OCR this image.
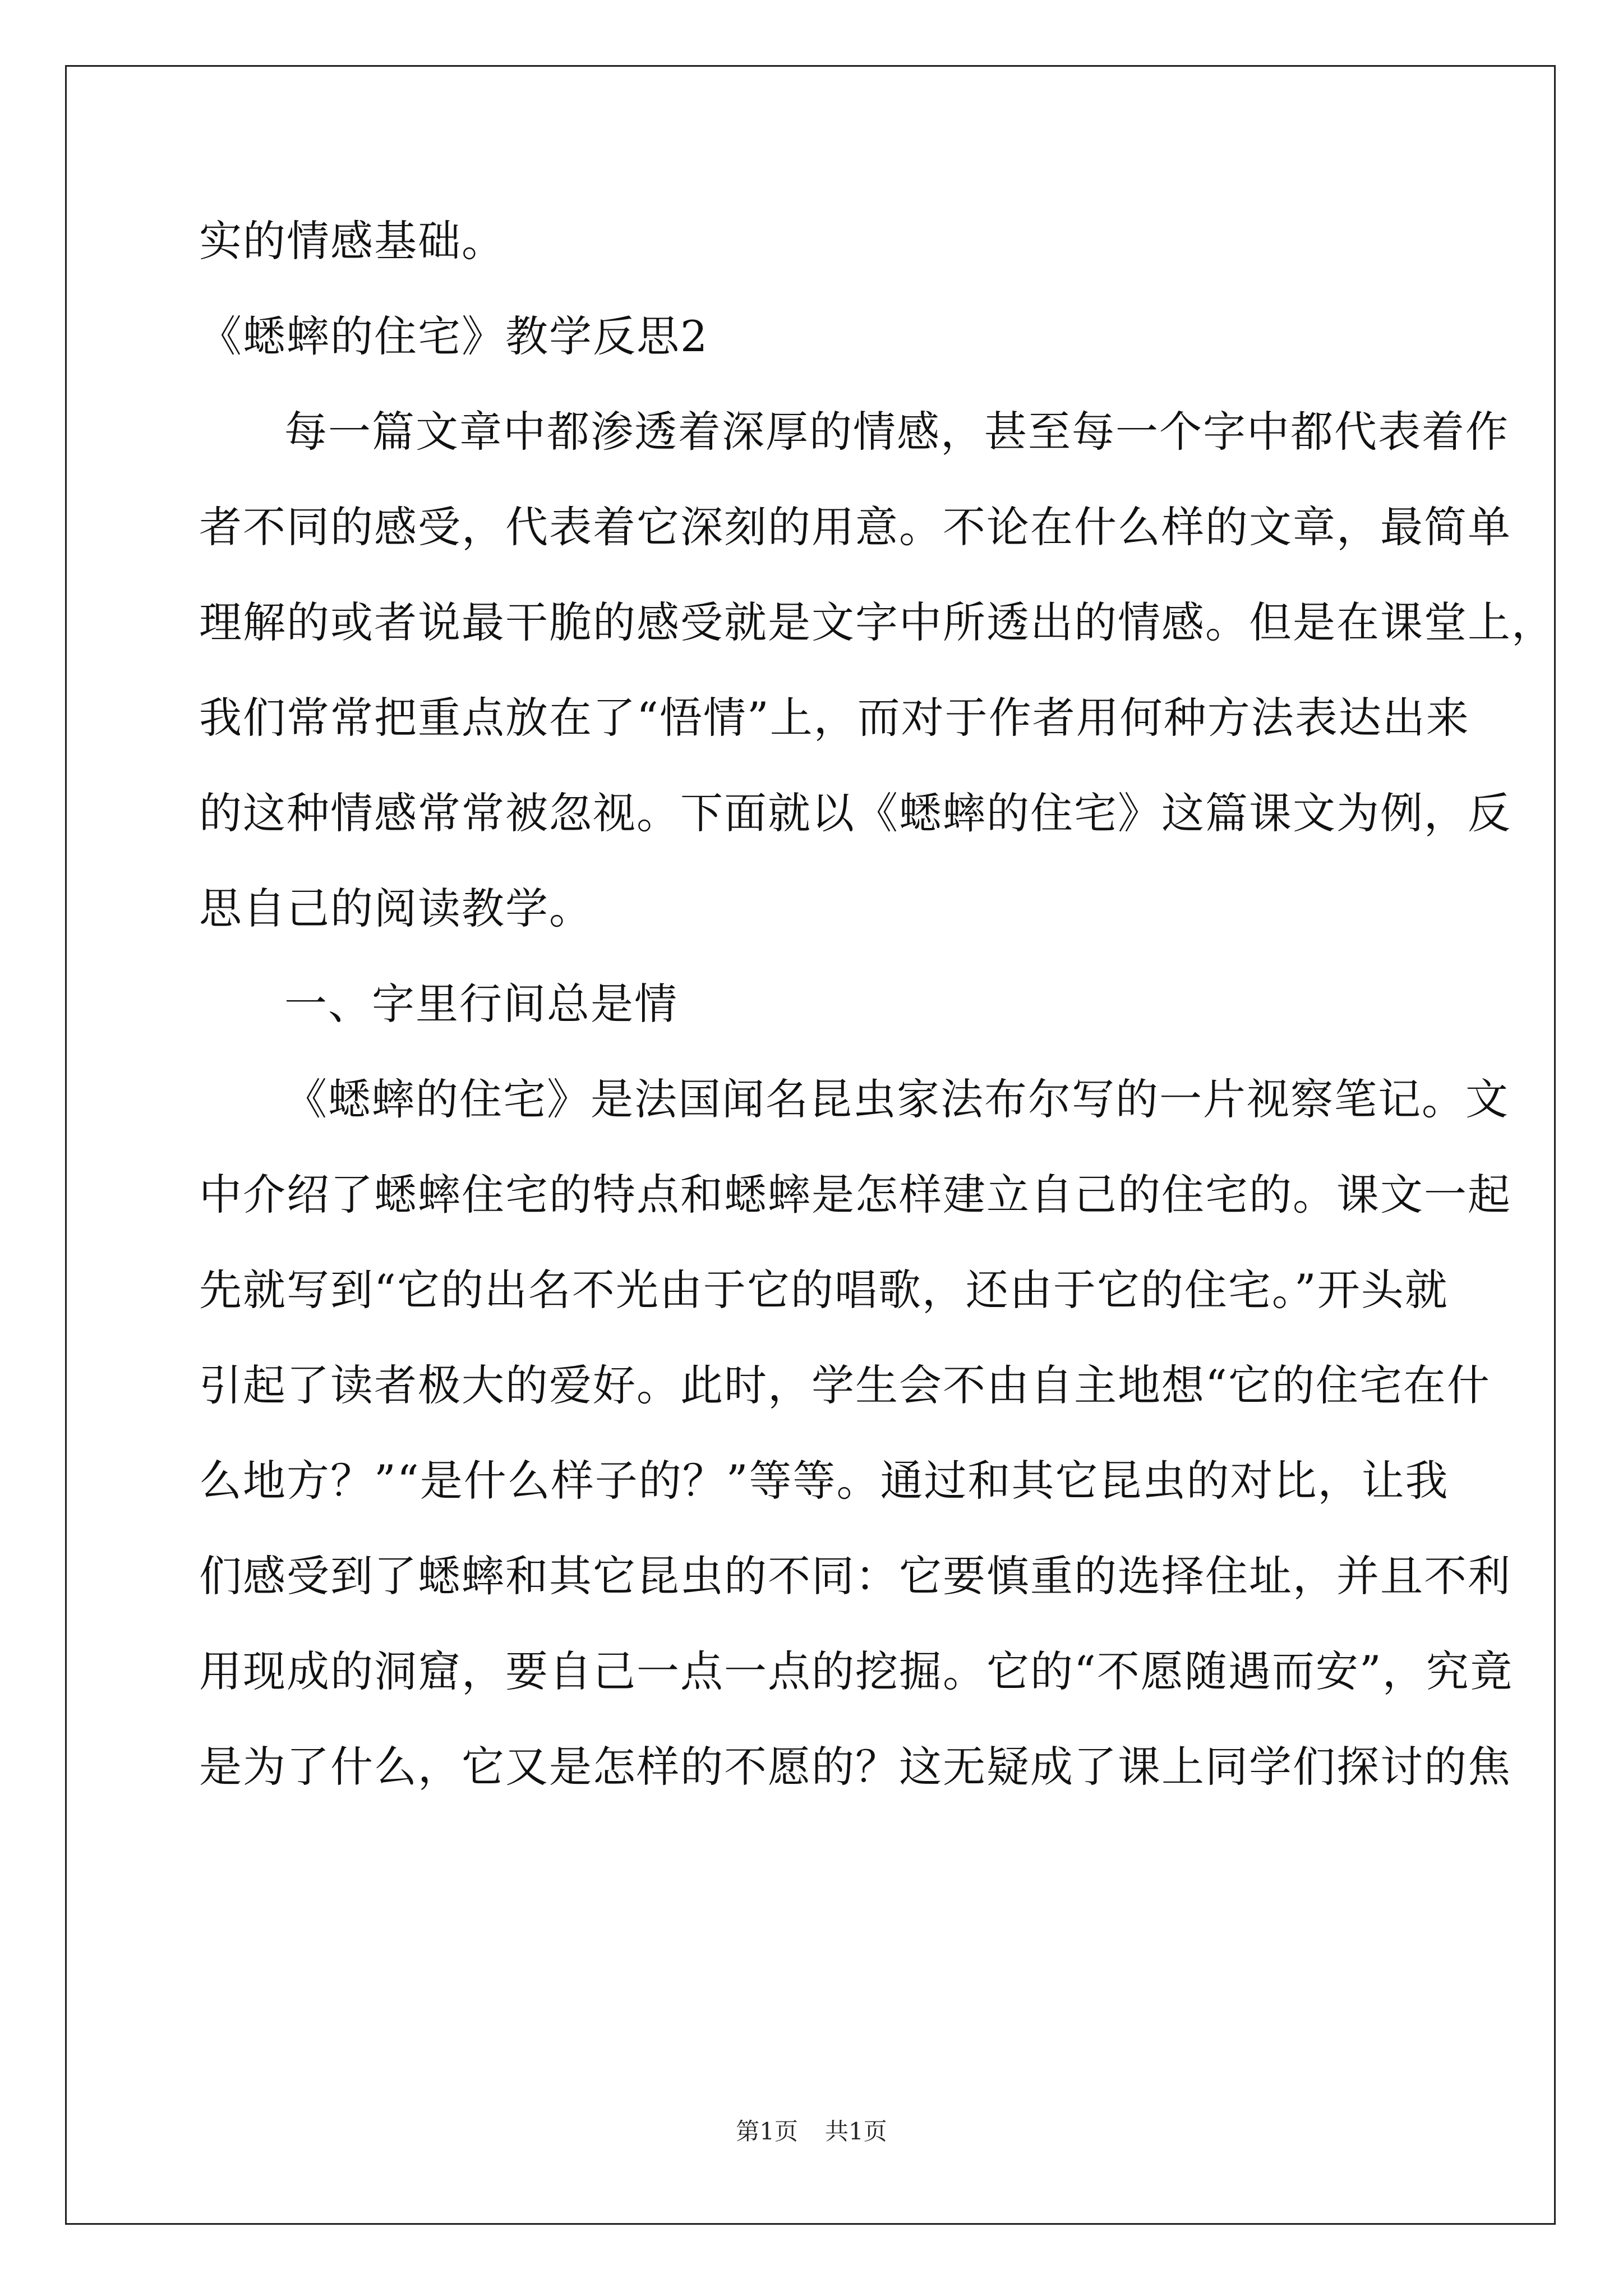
实的情感基础。
《蟋蟀的住宅》教学反思2
每一篇文章中都渗透着深厚的情感，甚至每一个字中都代表着作
者不同的感受，代表着它深刻的用意。不论在什么样的文章，最简单
理解的或者说最干脆的感受就是文字中所透出的情感。但是在课堂上，
我们常常把重点放在了“悟情”上，而对于作者用何种方法表达出来
的这种情感常常被忽视。下面就以《蟋蟀的住宅》这篇课文为例，反
思自己的阅读教学。
一、字里行间总是情
《蟋蟀的住宅》是法国闻名昆虫家法布尔写的一片视察笔记。文
中介绍了蟋蟀住宅的特点和蟋蟀是怎样建立自己的住宅的。课文一起
先就写到“它的出名不光由于它的唱歌，还由于它的住宅。”开头就
引起了读者极大的爱好。此时，学生会不由自主地想“它的住宅在什
么地方？”“是什么样子的？”等等。通过和其它昆虫的对比，让我
们感受到了蟋蟀和其它昆虫的不同：它要慎重的选择住址，并且不利
用现成的洞窟，要自己一点一点的挖掘。它的“不愿随遇而安”，究竟
是为了什么，它又是怎样的不愿的？这无疑成了课上同学们探讨的焦
第1页 共1页
